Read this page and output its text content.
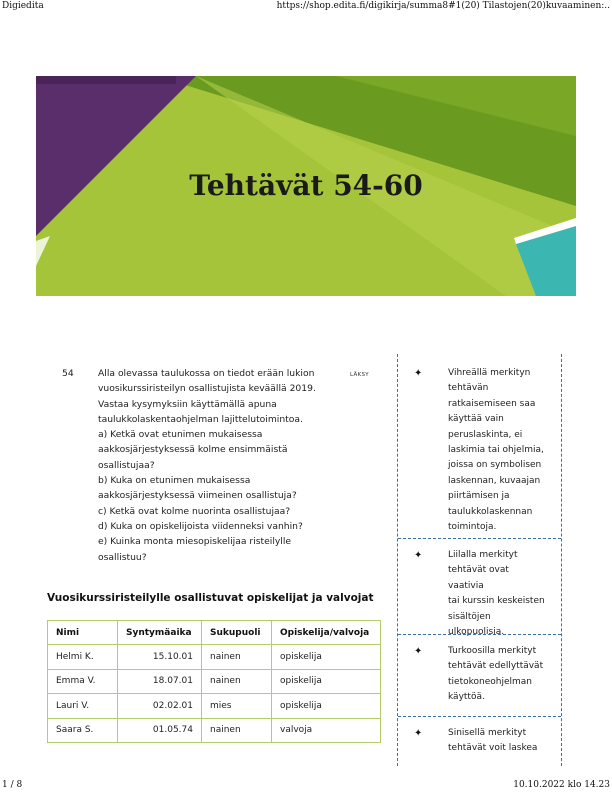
Digiedita	https://shop.edita.fi/digikirja/summa8#1(20) Tilastojen(20)kuvaaminen:..
Tehtävät 54-60
54	LÄKSY

Alla olevassa taulukossa on tiedot erään lukion

vuosikurssiristeilyn osallistujista keväällä 2019.

Vastaa kysymyksiin käyttämällä apuna

taulukkolaskentaohjelman lajittelutoimintoa.

a) Ketkä ovat etunimen mukaisessa

aakkosjärjestyksessä kolme ensimmäistä

osallistujaa?

b) Kuka on etunimen mukaisessa

aakkosjärjestyksessä viimeinen osallistuja?

c) Ketkä ovat kolme nuorinta osallistujaa?

d) Kuka on opiskelijoista viidenneksi vanhin?

e) Kuinka monta miesopiskelijaa risteilylle

osallistuu?

Vuosikurssiristeilylle osallistuvat opiskelijat ja valvojat
Nimi	Syntymäaika	Sukupuoli	Opiskelija/valvoja
Helmi K.	15.10.01	nainen	opiskelija
Emma V.	18.07.01	nainen	opiskelija
Lauri V.	02.02.01	mies	opiskelija
Saara S.	01.05.74	nainen	valvoja
✦	Vihreällä merkityn
tehtävän
ratkaisemiseen saa
käyttää vain
peruslaskinta, ei
laskimia tai ohjelmia,
joissa on symbolisen
laskennan, kuvaajan
piirtämisen ja
taulukkolaskennan
toimintoja.
✦	Liilalla merkityt
tehtävät ovat vaativia
tai kurssin keskeisten
sisältöjen
ulkopuolisia.
✦	Turkoosilla merkityt
tehtävät edellyttävät
tietokoneohjelman
käyttöä.
✦	Sinisellä merkityt
tehtävät voit laskea
1 / 8	10.10.2022 klo 14.23
